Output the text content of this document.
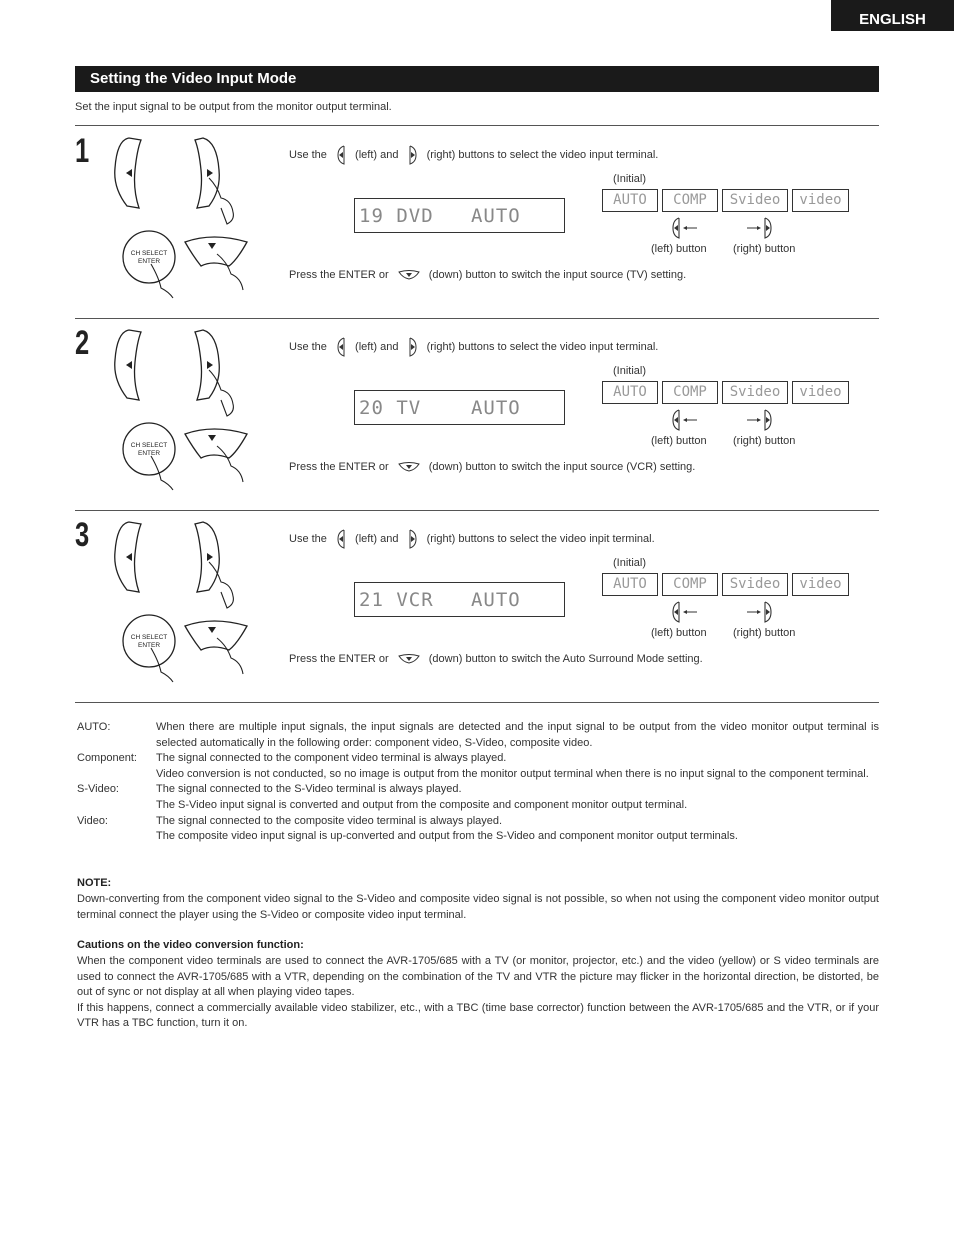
ENGLISH
Setting the Video Input Mode
Set the input signal to be output from the monitor output terminal.
1
CH SELECT
ENTER
Use the	(left) and	(right) buttons to select the video input terminal.
(Initial)
19 DVD   AUTO
AUTO	COMP	Svideo	video
(left) button (right) button
Press the ENTER or	(down) button to switch the input source (TV) setting.
2
CH SELECT
ENTER
Use the	(left) and	(right) buttons to select the video input terminal.
(Initial)
20 TV    AUTO
AUTO	COMP	Svideo	video
(left) button (right) button
Press the ENTER or	(down) button to switch the input source (VCR) setting.
3
CH SELECT
ENTER
Use the	(left) and	(right) buttons to select the video inpit terminal.
(Initial)
21 VCR   AUTO
AUTO	COMP	Svideo	video
(left) button (right) button
Press the ENTER or	(down) button to switch the Auto Surround Mode setting.
AUTO:	When there are multiple input signals, the input signals are detected and the input signal to be output from the video monitor output terminal is selected automatically in the following order: component video, S-Video, composite video.
Component:	The signal connected to the component video terminal is always played.
Video conversion is not conducted, so no image is output from the monitor output terminal when there is no input signal to the component terminal.
S-Video:	The signal connected to the S-Video terminal is always played.
The S-Video input signal is converted and output from the composite and component monitor output terminal.
Video:	The signal connected to the composite video terminal is always played.
The composite video input signal is up-converted and output from the S-Video and component monitor output terminals.
NOTE:
Down-converting from the component video signal to the S-Video and composite video signal is not possible, so when not using the component video monitor output terminal connect the player using the S-Video or composite video input terminal.
Cautions on the video conversion function:
When the component video terminals are used to connect the AVR-1705/685 with a TV (or monitor, projector, etc.) and the video (yellow) or S video terminals are used to connect the AVR-1705/685 with a VTR, depending on the combination of the TV and VTR the picture may flicker in the horizontal direction, be distorted, be out of sync or not display at all when playing video tapes.
If this happens, connect a commercially available video stabilizer, etc., with a TBC (time base corrector) function between the AVR-1705/685 and the VTR, or if your VTR has a TBC function, turn it on.
